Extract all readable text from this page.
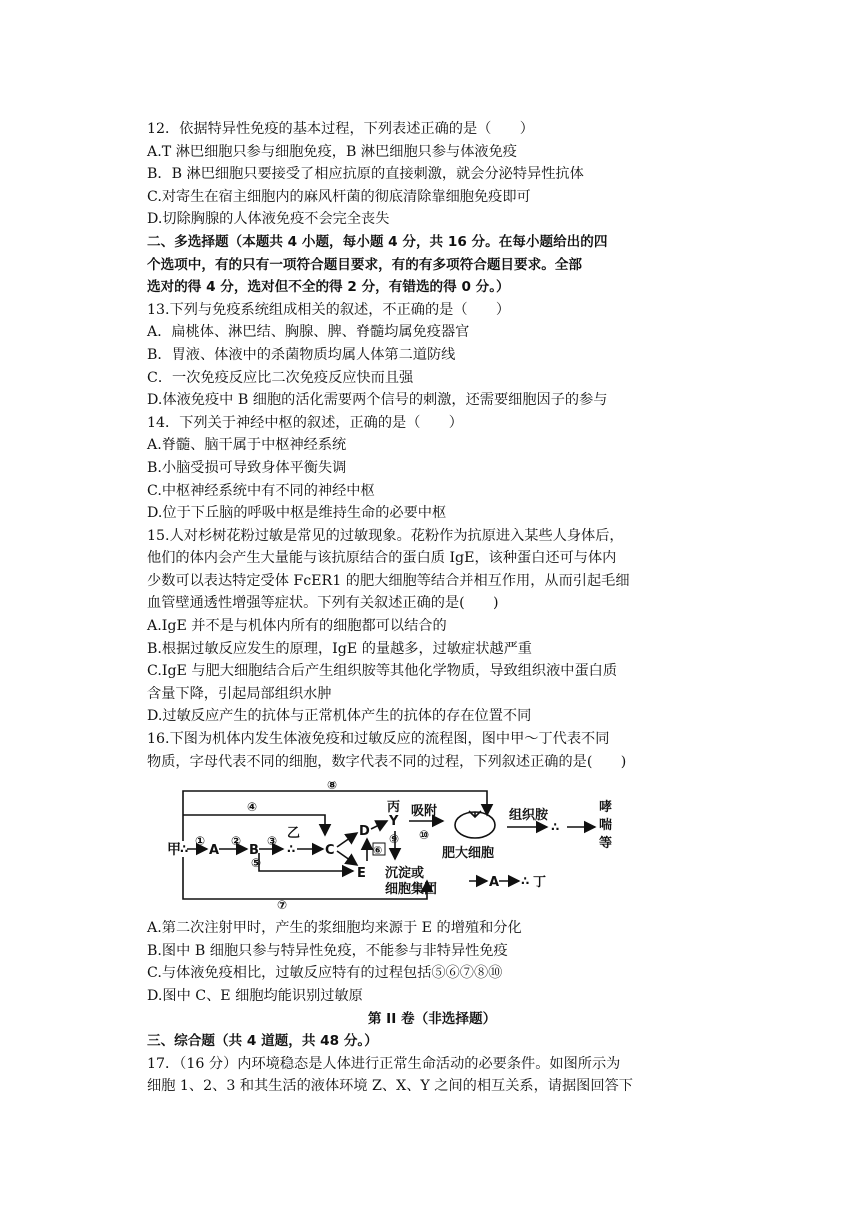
12．依据特异性免疫的基本过程，下列表述正确的是（　　）
A.T 淋巴细胞只参与细胞免疫，B 淋巴细胞只参与体液免疫
B．B 淋巴细胞只要接受了相应抗原的直接刺激，就会分泌特异性抗体
C.对寄生在宿主细胞内的麻风杆菌的彻底清除靠细胞免疫即可
D.切除胸腺的人体液免疫不会完全丧失
二、多选择题（本题共 4 小题，每小题 4 分，共 16 分。在每小题给出的四
个选项中，有的只有一项符合题目要求，有的有多项符合题目要求。全部
选对的得 4 分，选对但不全的得 2 分，有错选的得 0 分。）
13.下列与免疫系统组成相关的叙述，不正确的是（　　）
A．扁桃体、淋巴结、胸腺、脾、脊髓均属免疫器官
B．胃液、体液中的杀菌物质均属人体第二道防线
C．一次免疫反应比二次免疫反应快而且强
D.体液免疫中 B 细胞的活化需要两个信号的刺激，还需要细胞因子的参与
14．下列关于神经中枢的叙述，正确的是（　　）
A.脊髓、脑干属于中枢神经系统
B.小脑受损可导致身体平衡失调
C.中枢神经系统中有不同的神经中枢
D.位于下丘脑的呼吸中枢是维持生命的必要中枢
15.人对杉树花粉过敏是常见的过敏现象。花粉作为抗原进入某些人身体后，
他们的体内会产生大量能与该抗原结合的蛋白质 IgE，该种蛋白还可与体内
少数可以表达特定受体 FcER1 的肥大细胞等结合并相互作用，从而引起毛细
血管壁通透性增强等症状。下列有关叙述正确的是(　　)
A.IgE 并不是与机体内所有的细胞都可以结合的
B.根据过敏反应发生的原理，IgE 的量越多，过敏症状越严重
C.IgE 与肥大细胞结合后产生组织胺等其他化学物质，导致组织液中蛋白质
含量下降，引起局部组织水肿
D.过敏反应产生的抗体与正常机体产生的抗体的存在位置不同
16.下图为机体内发生体液免疫和过敏反应的流程图，图中甲～丁代表不同
物质，字母代表不同的细胞，数字代表不同的过程，下列叙述正确的是(　　)
甲 ∴ A B
乙
∴ C
D
E
丙
Y
吸附
肥大细胞
组织胺
∴
哮
喘
等
沉淀或
细胞集团	A ∴ 丁
① ② ③
④
⑤
⑥
⑦
⑧
⑨ ⑩
A.第二次注射甲时，产生的浆细胞均来源于 E 的增殖和分化
B.图中 B 细胞只参与特异性免疫，不能参与非特异性免疫
C.与体液免疫相比，过敏反应特有的过程包括⑤⑥⑦⑧⑩
D.图中 C、E 细胞均能识别过敏原
第 II 卷（非选择题）
三、综合题（共 4 道题，共 48 分。）
17．（16 分）内环境稳态是人体进行正常生命活动的必要条件。如图所示为
细胞 1、2、3 和其生活的液体环境 Z、X、Y 之间的相互关系，请据图回答下
